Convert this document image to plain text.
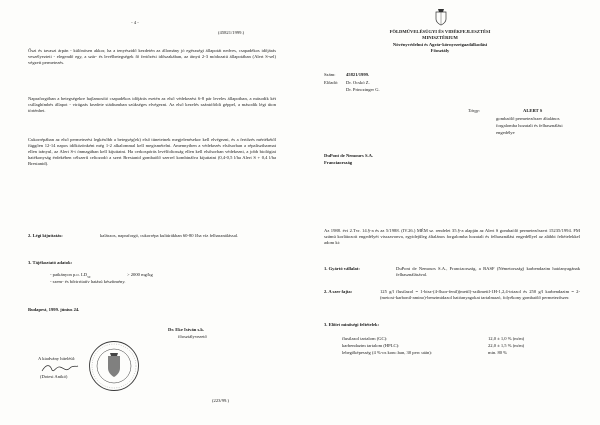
- 4 -
(45821/1999.)
Őszi és tavaszi árpán - különösen akkor, ha a tenyészidő kezdetén az állomány jó egészségi állapotát nedves, csapadékos időjárás veszélyezteti - elegendő egy, a szár- és levélbetegségek fő fertőzési időszakában, az átnyú 2-3 módozatú állapotában (Alert S-sel) végzett permetezés.
Napraforgóban a betegségekre hajlamosító csapadékos időjárás esetén az első védekezést 6-8 pár leveles állapotban, a második két csillaghímbés állapot - virágzás kezdete stádiumban szükséges elvégezni. Az első kezelés szántóföldi géppel, a második légi úton történhet.
Cukorrépában az első permetezést legkésőbb a betegség(ek) első tüneteinek megjelenésekor kell elvégezni, és a fertőzés mértékétől függően 12-14 napos időközönként még 1-2 alkalommal kell megismételni. Amennyiben a védekezés elsősorban a répalisztharmat ellen irányul, az Alert S-t önmagában kell kijuttatni. Ha cerkospórás levélfoltosság ellen kell elsősorban védekezni, a jobb biológiai hatékonyság érdekében célszerű celtozodó a szert Brestanid gombaölő szerrel kombinálva kijuttatni (0,4-0,5 l/ha Alert S + 0,4 l/ha Brestanid).
2. Légi kijuttatás:	kalászos, napraforgó, cukorrépa kultúrákban 60-80 l/ha víz felhasználással.
3. Tájékoztató adatok:
- patkányon p.o. $LD_{50}$	> 2000 mg/kg
- szem- és bőrirritatív hatású készítmény.
Budapest, 1999. június 24.
Dr. Eke István s.k.
főosztályvezető
A kiadvány hiteléül:
(Dotesi Anikó)
(223/99.)
FÖLDMŰVELÉSÜGYI ÉS VIDÉKFEJLESZTÉSI
MINISZTÉRIUM
Növényvédelmi és Agrár-környezetgazdálkodási
Főosztály
Szám: 45821/1999.
Előadó: Dr. Ocskó Z.
Dr. Princzinger G.
Tárgy:	ALERT S
gombaölő permetezőszer általános
forgalomba hozatali és felhasználási
engedélye
DuPont de Nemours S.A.
Franciaország
Az 1988. évi 2.Tvr. 14.§-a és az 5/1988. (IV.26.) MÉM sz. rendelet 35.§-a alapján az Alert S gombaölő permetezőszert 15235/1994. FM számú korlátozott engedélyét visszavonva, egyidejűleg általános forgalomba hozatali és felhasználási engedéllyel az alábbi feltételekkel adom ki:
1. Gyártó vállalat:	DuPont de Nemours S.A., Franciaország, a BASF (Németország) karbendazim hatóanyagának felhasználásával.
2. A szer fajta:	125 g/l flusilazol = 1-bisz-(4-fluor-fenil)(metil)-szilimetil-1H-1,2,4-triazol és 250 g/l karbendazim = 2-(metoxi-karbonil-amino)-benzimidazol hatóanyagokat tartalmazó, folyékony gombaölő permetezőszer.
3. Előírt minőségi feltételek:
flusilazol tartalom (GC):	12,0 ± 1,0 % (m/m)
karbendazim tartalom (HPLC):	22,0 ± 1,5 % (m/m)
lebegőképesség (4 %-os konc.ban, 30 perc után):	min. 80 %
